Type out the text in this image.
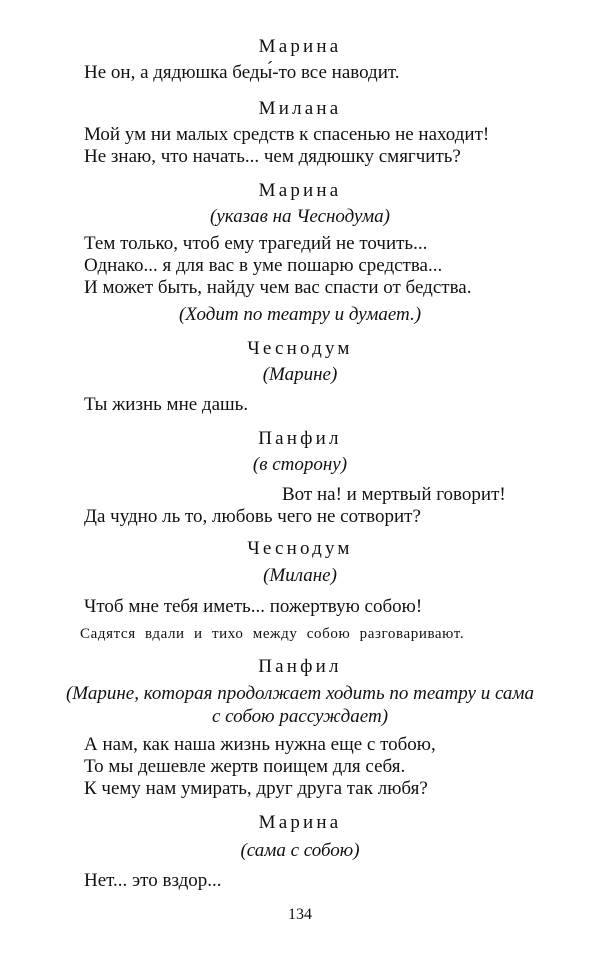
Марина
Не он, а дядюшка беды́-то все наводит.
Милана
Мой ум ни малых средств к спасенью не находит!
Не знаю, что начать... чем дядюшку смягчить?
Марина
(указав на Чеснодума)
Тем только, чтоб ему трагедий не точить...
Однако... я для вас в уме пошарю средства...
И может быть, найду чем вас спасти от бедства.
(Ходит по театру и думает.)
Чеснодум
(Марине)
Ты жизнь мне дашь.
Панфил
(в сторону)
Вот на! и мертвый говорит!
Да чудно ль то, любовь чего не сотворит?
Чеснодум
(Милане)
Чтоб мне тебя иметь... пожертвую собою!
Садятся вдали и тихо между собою разговаривают.
Панфил
(Марине, которая продолжает ходить по театру и сама
с собою рассуждает)
А нам, как наша жизнь нужна еще с тобою,
То мы дешевле жертв поищем для себя.
К чему нам умирать, друг друга так любя?
Марина
(сама с собою)
Нет... это вздор...
134
